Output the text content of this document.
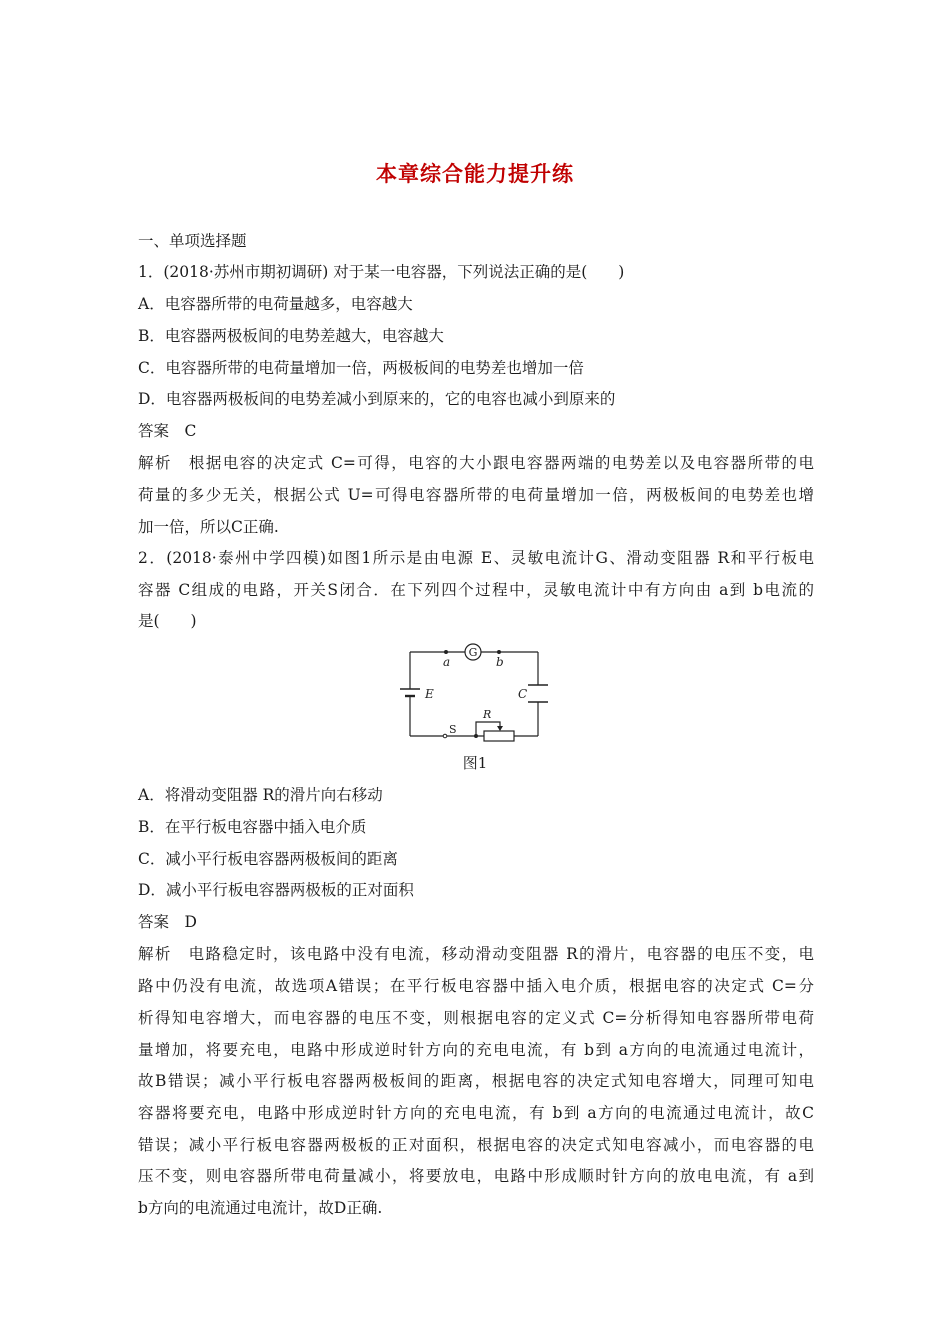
本章综合能力提升练
一、单项选择题
1．(2018·苏州市期初调研) 对于某一电容器，下列说法正确的是(　　)
A．电容器所带的电荷量越多，电容越大
B．电容器两极板间的电势差越大，电容越大
C．电容器所带的电荷量增加一倍，两极板间的电势差也增加一倍
D．电容器两极板间的电势差减小到原来的，它的电容也减小到原来的
答案　C
解析　根据电容的决定式 C=可得，电容的大小跟电容器两端的电势差以及电容器所带的电
荷量的多少无关，根据公式 U=可得电容器所带的电荷量增加一倍，两极板间的电势差也增
加一倍，所以C正确.
2．(2018·泰州中学四模)如图1所示是由电源 E、灵敏电流计G、滑动变阻器 R和平行板电
容器 C组成的电路，开关S闭合．在下列四个过程中，灵敏电流计中有方向由 a到 b电流的
是(　　)
G
a	b
E	C
S
R
图1
A．将滑动变阻器 R的滑片向右移动
B．在平行板电容器中插入电介质
C．减小平行板电容器两极板间的距离
D．减小平行板电容器两极板的正对面积
答案　D
解析　电路稳定时，该电路中没有电流，移动滑动变阻器 R的滑片，电容器的电压不变，电
路中仍没有电流，故选项A错误；在平行板电容器中插入电介质，根据电容的决定式 C=分
析得知电容增大，而电容器的电压不变，则根据电容的定义式 C=分析得知电容器所带电荷
量增加，将要充电，电路中形成逆时针方向的充电电流，有 b到 a方向的电流通过电流计，
故B错误；减小平行板电容器两极板间的距离，根据电容的决定式知电容增大，同理可知电
容器将要充电，电路中形成逆时针方向的充电电流，有 b到 a方向的电流通过电流计，故C
错误；减小平行板电容器两极板的正对面积，根据电容的决定式知电容减小，而电容器的电
压不变，则电容器所带电荷量减小，将要放电，电路中形成顺时针方向的放电电流，有 a到
b方向的电流通过电流计，故D正确.
